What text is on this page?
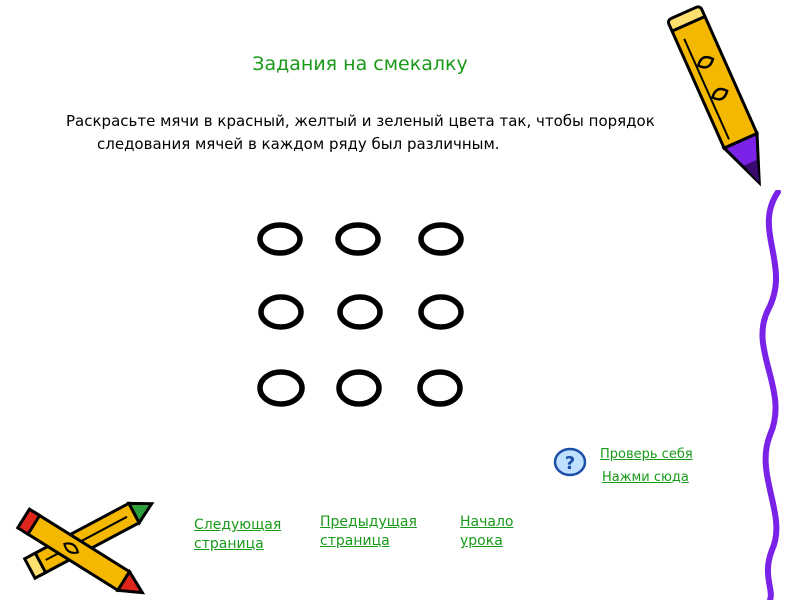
Задания на смекалку
Раскрасьте мячи в красный, желтый и зеленый цвета так, чтобы порядок
следования мячей в каждом ряду был различным.
? Проверь себя
Нажми сюда
Следующая
страница
Предыдущая
страница
Начало
урока
